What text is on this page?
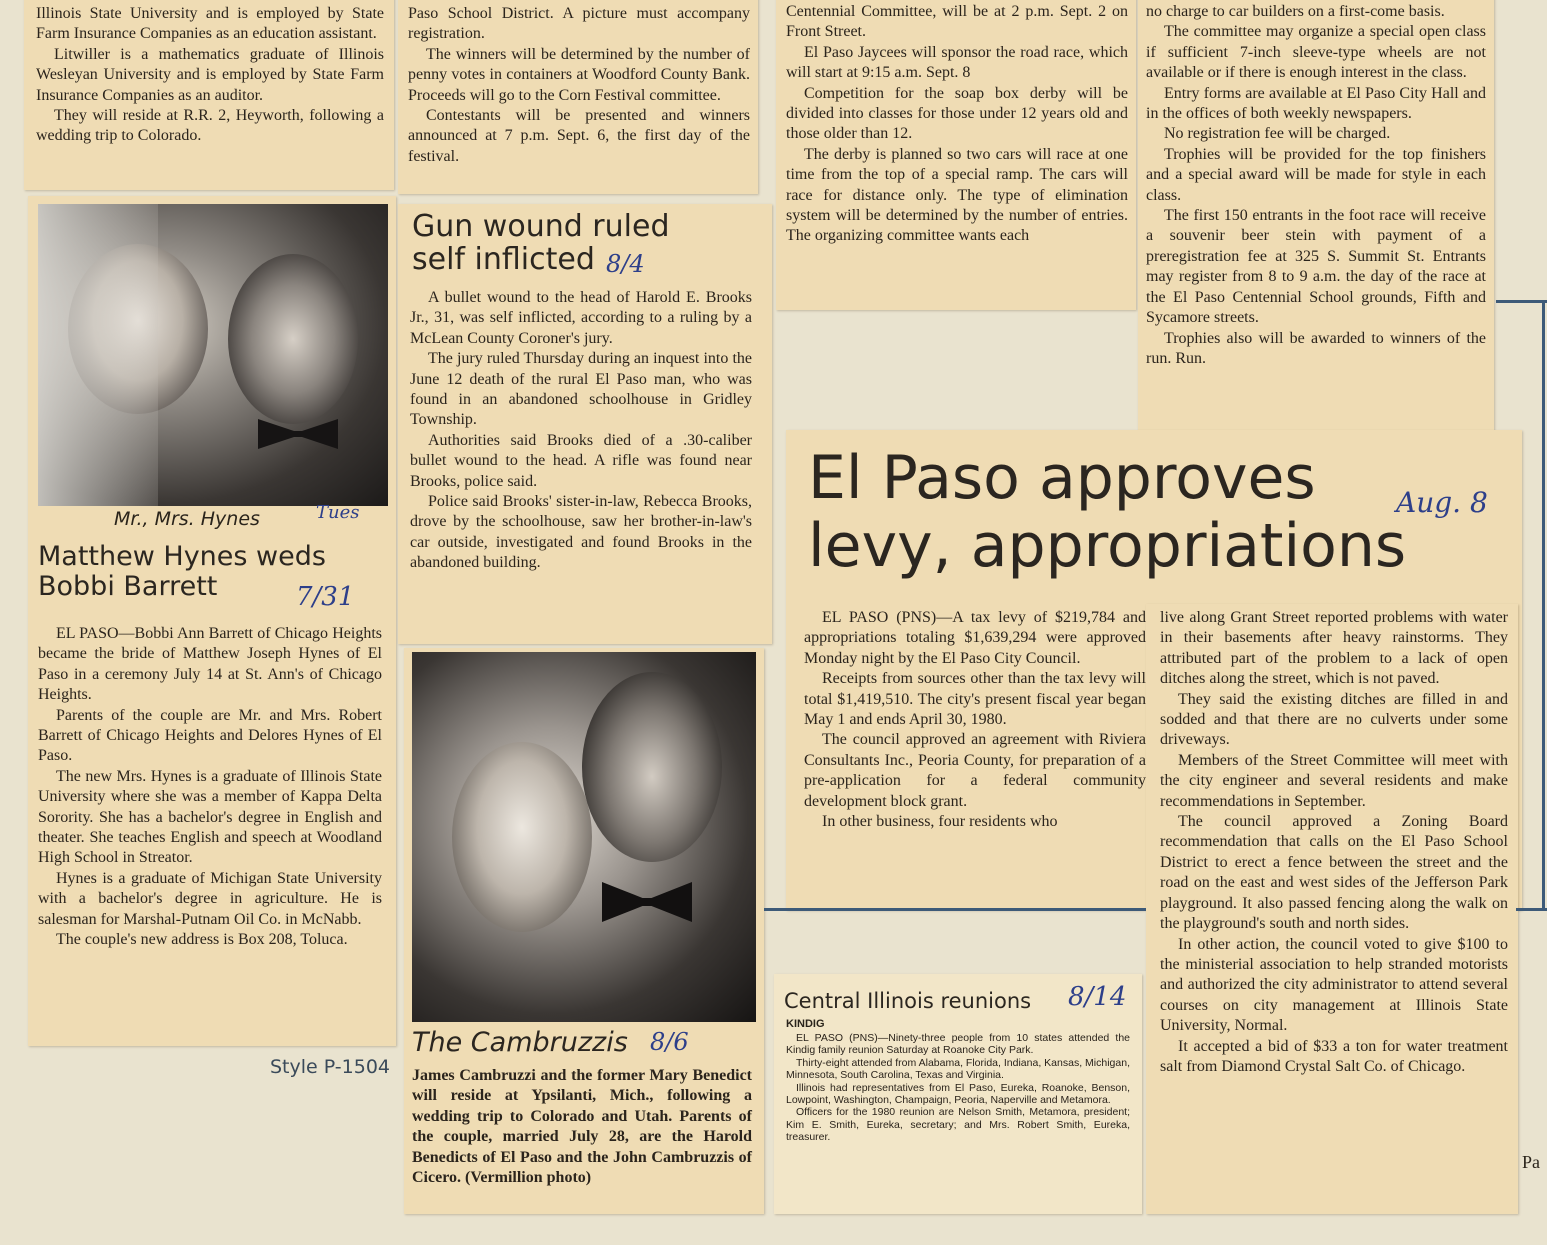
Illinois State University and is employed by State Farm Insurance Companies as an education assistant.

Litwiller is a mathematics graduate of Illinois Wesleyan University and is employed by State Farm Insurance Companies as an auditor.

They will reside at R.R. 2, Heyworth, following a wedding trip to Colorado.

Paso School District. A picture must accompany registration.

The winners will be determined by the number of penny votes in containers at Woodford County Bank. Proceeds will go to the Corn Festival committee.

Contestants will be presented and winners announced at 7 p.m. Sept. 6, the first day of the festival.

Centennial Committee, will be at 2 p.m. Sept. 2 on Front Street.

El Paso Jaycees will sponsor the road race, which will start at 9:15 a.m. Sept. 8

Competition for the soap box derby will be divided into classes for those under 12 years old and those older than 12.

The derby is planned so two cars will race at one time from the top of a special ramp. The cars will race for distance only. The type of elimination system will be determined by the number of entries. The organizing committee wants each

no charge to car builders on a first-come basis.

The committee may organize a special open class if sufficient 7-inch sleeve-type wheels are not available or if there is enough interest in the class.

Entry forms are available at El Paso City Hall and in the offices of both weekly newspapers.

No registration fee will be charged.

Trophies will be provided for the top finishers and a special award will be made for style in each class.

The first 150 entrants in the foot race will receive a souvenir beer stein with payment of a preregistration fee at 325 S. Summit St. Entrants may register from 8 to 9 a.m. the day of the race at the El Paso Centennial School grounds, Fifth and Sycamore streets.

Trophies also will be awarded to winners of the run. Run.

Mr., Mrs. Hynes	Tues
Matthew Hynes weds
Bobbi Barrett	7/31

EL PASO—Bobbi Ann Barrett of Chicago Heights became the bride of Matthew Joseph Hynes of El Paso in a ceremony July 14 at St. Ann's of Chicago Heights.

Parents of the couple are Mr. and Mrs. Robert Barrett of Chicago Heights and Delores Hynes of El Paso.

The new Mrs. Hynes is a graduate of Illinois State University where she was a member of Kappa Delta Sorority. She has a bachelor's degree in English and theater. She teaches English and speech at Woodland High School in Streator.

Hynes is a graduate of Michigan State University with a bachelor's degree in agriculture. He is salesman for Marshal-Putnam Oil Co. in McNabb.

The couple's new address is Box 208, Toluca.

Style P-1504
Gun wound ruled
self inflicted 8/4

A bullet wound to the head of Harold E. Brooks Jr., 31, was self inflicted, according to a ruling by a McLean County Coroner's jury.

The jury ruled Thursday during an inquest into the June 12 death of the rural El Paso man, who was found in an abandoned schoolhouse in Gridley Township.

Authorities said Brooks died of a .30-caliber bullet wound to the head. A rifle was found near Brooks, police said.

Police said Brooks' sister-in-law, Rebecca Brooks, drove by the schoolhouse, saw her brother-in-law's car outside, investigated and found Brooks in the abandoned building.

The Cambruzzis 8/6

James Cambruzzi and the former Mary Benedict will reside at Ypsilanti, Mich., following a wedding trip to Colorado and Utah. Parents of the couple, married July 28, are the Harold Benedicts of El Paso and the John Cambruzzis of Cicero. (Vermillion photo)

El Paso approves
levy, appropriations
Aug. 8

EL PASO (PNS)—A tax levy of $219,784 and appropriations totaling $1,639,294 were approved Monday night by the El Paso City Council.

Receipts from sources other than the tax levy will total $1,419,510. The city's present fiscal year began May 1 and ends April 30, 1980.

The council approved an agreement with Riviera Consultants Inc., Peoria County, for preparation of a pre-application for a federal community development block grant.

In other business, four residents who

live along Grant Street reported problems with water in their basements after heavy rainstorms. They attributed part of the problem to a lack of open ditches along the street, which is not paved.

They said the existing ditches are filled in and sodded and that there are no culverts under some driveways.

Members of the Street Committee will meet with the city engineer and several residents and make recommendations in September.

The council approved a Zoning Board recommendation that calls on the El Paso School District to erect a fence between the street and the road on the east and west sides of the Jefferson Park playground. It also passed fencing along the walk on the playground's south and north sides.

In other action, the council voted to give $100 to the ministerial association to help stranded motorists and authorized the city administrator to attend several courses on city management at Illinois State University, Normal.

It accepted a bid of $33 a ton for water treatment salt from Diamond Crystal Salt Co. of Chicago.

Central Illinois reunions 8/14
KINDIG

EL PASO (PNS)—Ninety-three people from 10 states attended the Kindig family reunion Saturday at Roanoke City Park.

Thirty-eight attended from Alabama, Florida, Indiana, Kansas, Michigan, Minnesota, South Carolina, Texas and Virginia.

Illinois had representatives from El Paso, Eureka, Roanoke, Benson, Lowpoint, Washington, Champaign, Peoria, Naperville and Metamora.

Officers for the 1980 reunion are Nelson Smith, Metamora, president; Kim E. Smith, Eureka, secretary; and Mrs. Robert Smith, Eureka, treasurer.

Pa
